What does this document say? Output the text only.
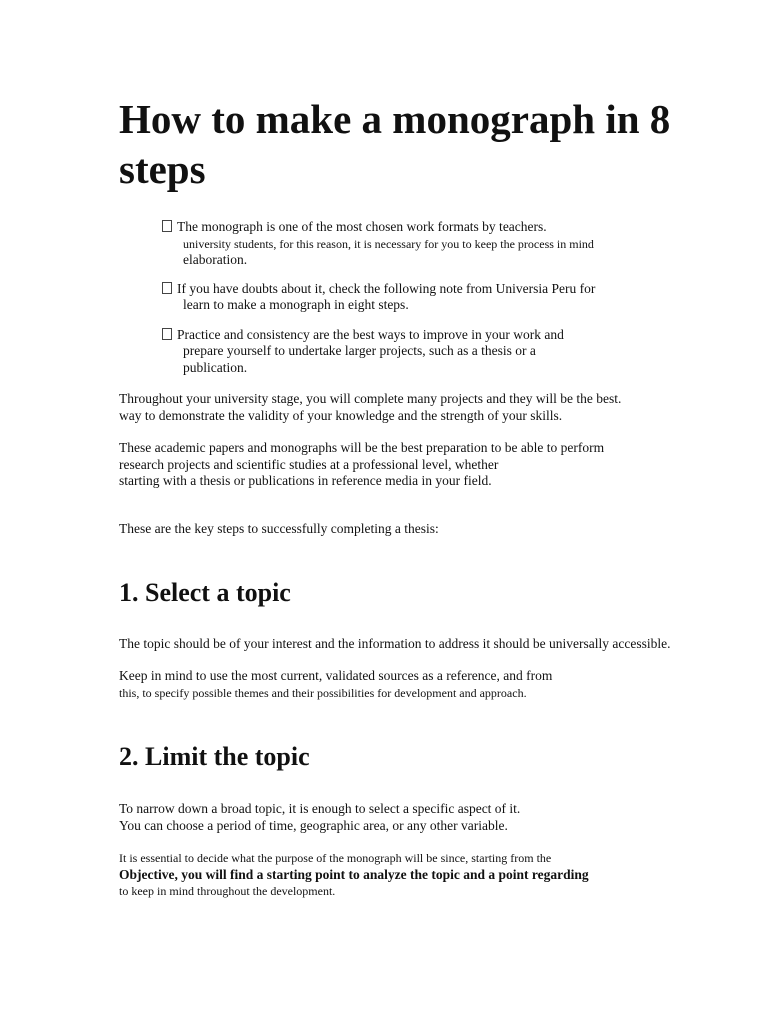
How to make a monograph in 8 steps

The monograph is one of the most chosen work formats by teachers.
university students, for this reason, it is necessary for you to keep the process in mind
elaboration.

If you have doubts about it, check the following note from Universia Peru for
learn to make a monograph in eight steps.

Practice and consistency are the best ways to improve in your work and
prepare yourself to undertake larger projects, such as a thesis or a
publication.

Throughout your university stage, you will complete many projects and they will be the best.
way to demonstrate the validity of your knowledge and the strength of your skills.

These academic papers and monographs will be the best preparation to be able to perform
research projects and scientific studies at a professional level, whether
starting with a thesis or publications in reference media in your field.

These are the key steps to successfully completing a thesis:

1. Select a topic

The topic should be of your interest and the information to address it should be universally accessible.

Keep in mind to use the most current, validated sources as a reference, and from
this, to specify possible themes and their possibilities for development and approach.

2. Limit the topic

To narrow down a broad topic, it is enough to select a specific aspect of it.
You can choose a period of time, geographic area, or any other variable.

It is essential to decide what the purpose of the monograph will be since, starting from the
Objective, you will find a starting point to analyze the topic and a point regarding
to keep in mind throughout the development.
